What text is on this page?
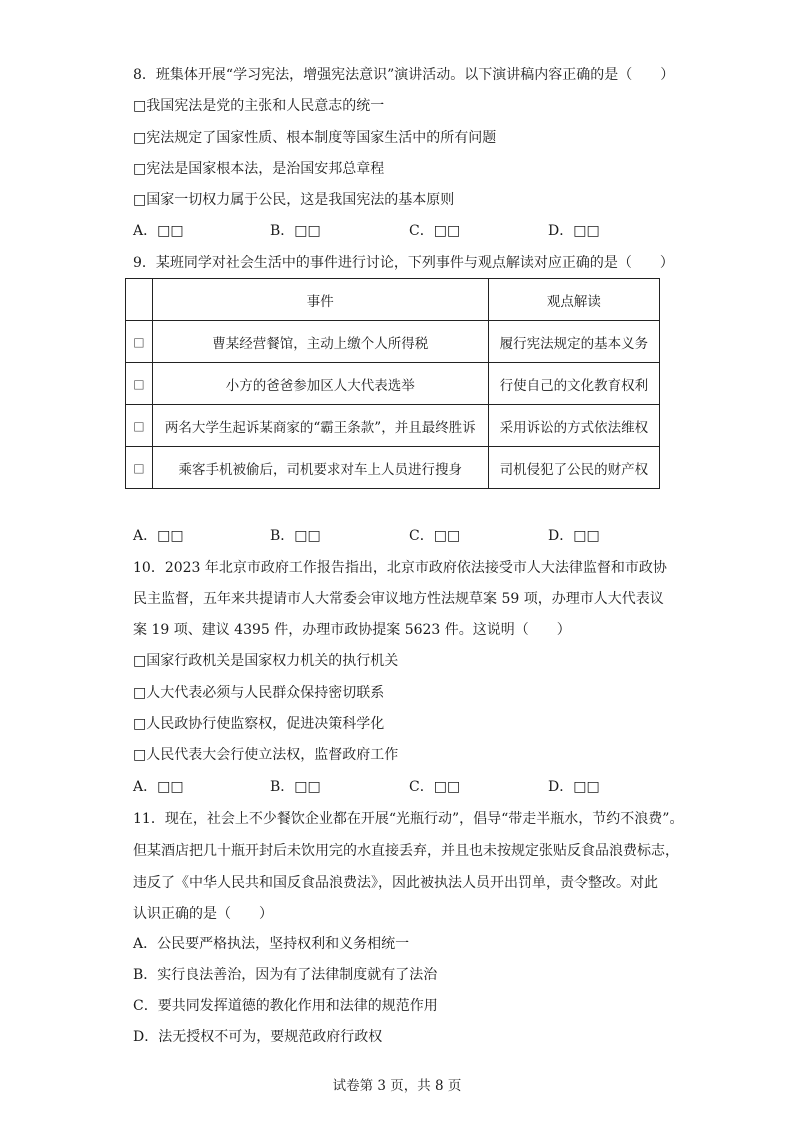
8．班集体开展“学习宪法，增强宪法意识”演讲活动。以下演讲稿内容正确的是（　　）
□我国宪法是党的主张和人民意志的统一
□宪法规定了国家性质、根本制度等国家生活中的所有问题
□宪法是国家根本法，是治国安邦总章程
□国家一切权力属于公民，这是我国宪法的基本原则
A．□□	B．□□	C．□□	D．□□
9．某班同学对社会生活中的事件进行讨论，下列事件与观点解读对应正确的是（　　）
	事件	观点解读
□	曹某经营餐馆，主动上缴个人所得税	履行宪法规定的基本义务
□	小方的爸爸参加区人大代表选举	行使自己的文化教育权利
□	两名大学生起诉某商家的“霸王条款”，并且最终胜诉	采用诉讼的方式依法维权
□	乘客手机被偷后，司机要求对车上人员进行搜身	司机侵犯了公民的财产权
A．□□	B．□□	C．□□	D．□□
10．2023 年北京市政府工作报告指出，北京市政府依法接受市人大法律监督和市政协
民主监督，五年来共提请市人大常委会审议地方性法规草案 59 项，办理市人大代表议
案 19 项、建议 4395 件，办理市政协提案 5623 件。这说明（　　）
□国家行政机关是国家权力机关的执行机关
□人大代表必须与人民群众保持密切联系
□人民政协行使监察权，促进决策科学化
□人民代表大会行使立法权，监督政府工作
A．□□	B．□□	C．□□	D．□□
11．现在，社会上不少餐饮企业都在开展“光瓶行动”，倡导“带走半瓶水，节约不浪费”。
但某酒店把几十瓶开封后未饮用完的水直接丢弃，并且也未按规定张贴反食品浪费标志，
违反了《中华人民共和国反食品浪费法》，因此被执法人员开出罚单，责令整改。对此
认识正确的是（　　）
A．公民要严格执法，坚持权利和义务相统一
B．实行良法善治，因为有了法律制度就有了法治
C．要共同发挥道德的教化作用和法律的规范作用
D．法无授权不可为，要规范政府行政权
试卷第 3 页，共 8 页
